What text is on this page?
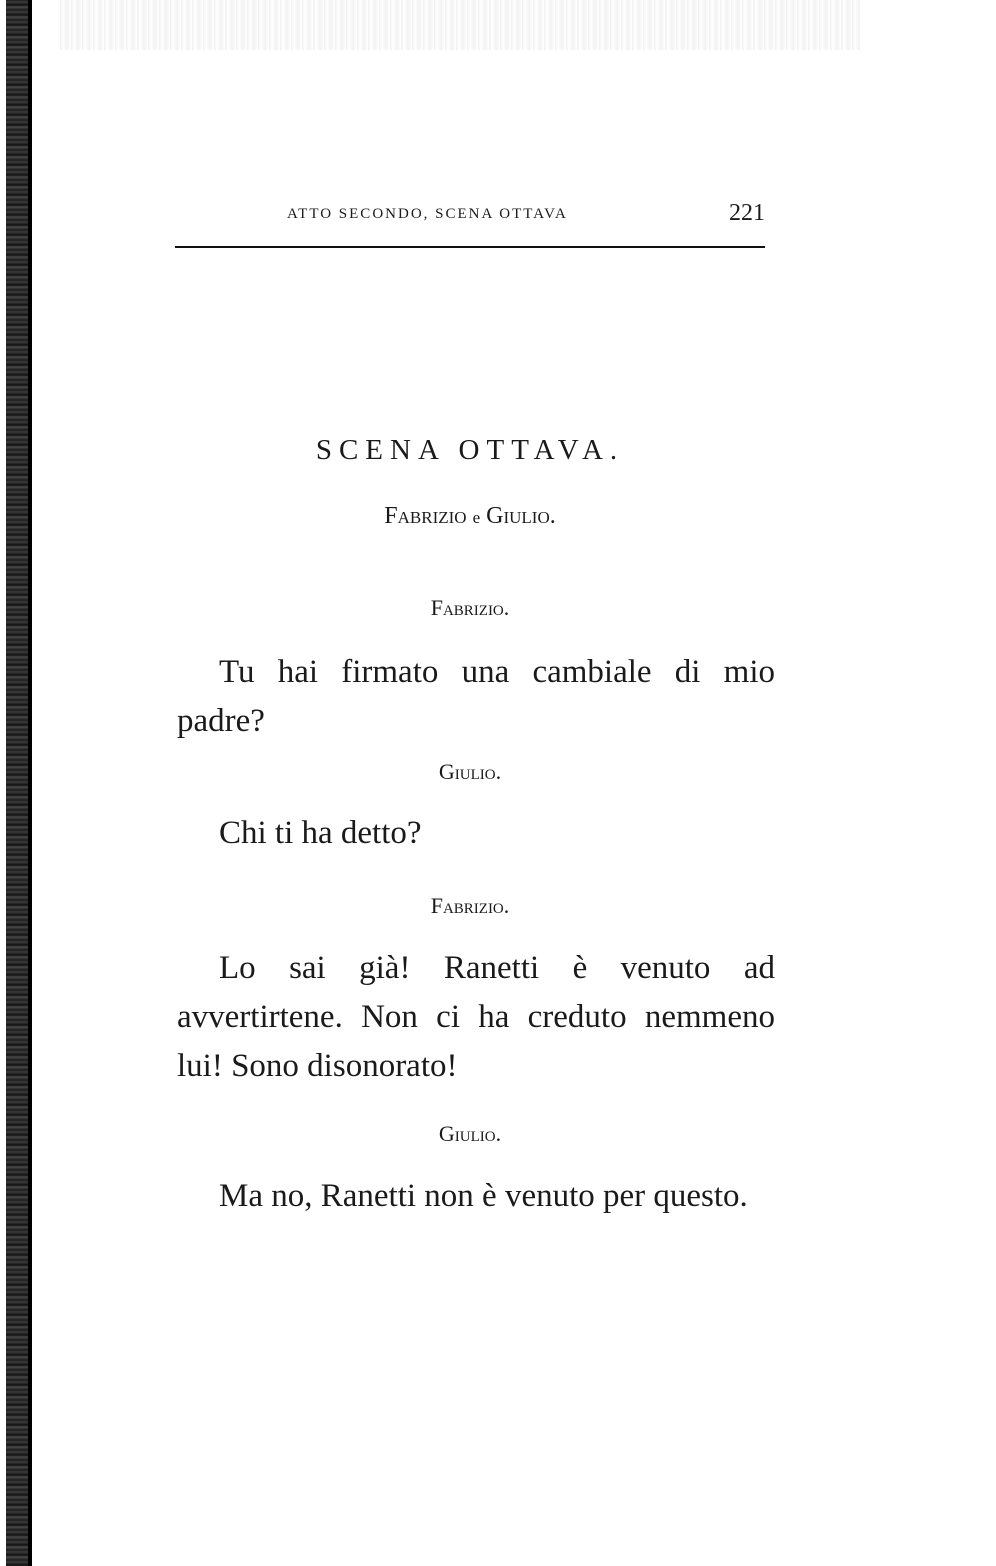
ATTO SECONDO, SCENA OTTAVA	221
SCENA OTTAVA.
Fabrizio e Giulio.
Fabrizio.
Tu hai firmato una cambiale di mio padre?
Giulio.
Chi ti ha detto?
Fabrizio.
Lo sai già! Ranetti è venuto ad avvertirtene. Non ci ha creduto nemmeno lui! Sono disonorato!
Giulio.
Ma no, Ranetti non è venuto per questo.
